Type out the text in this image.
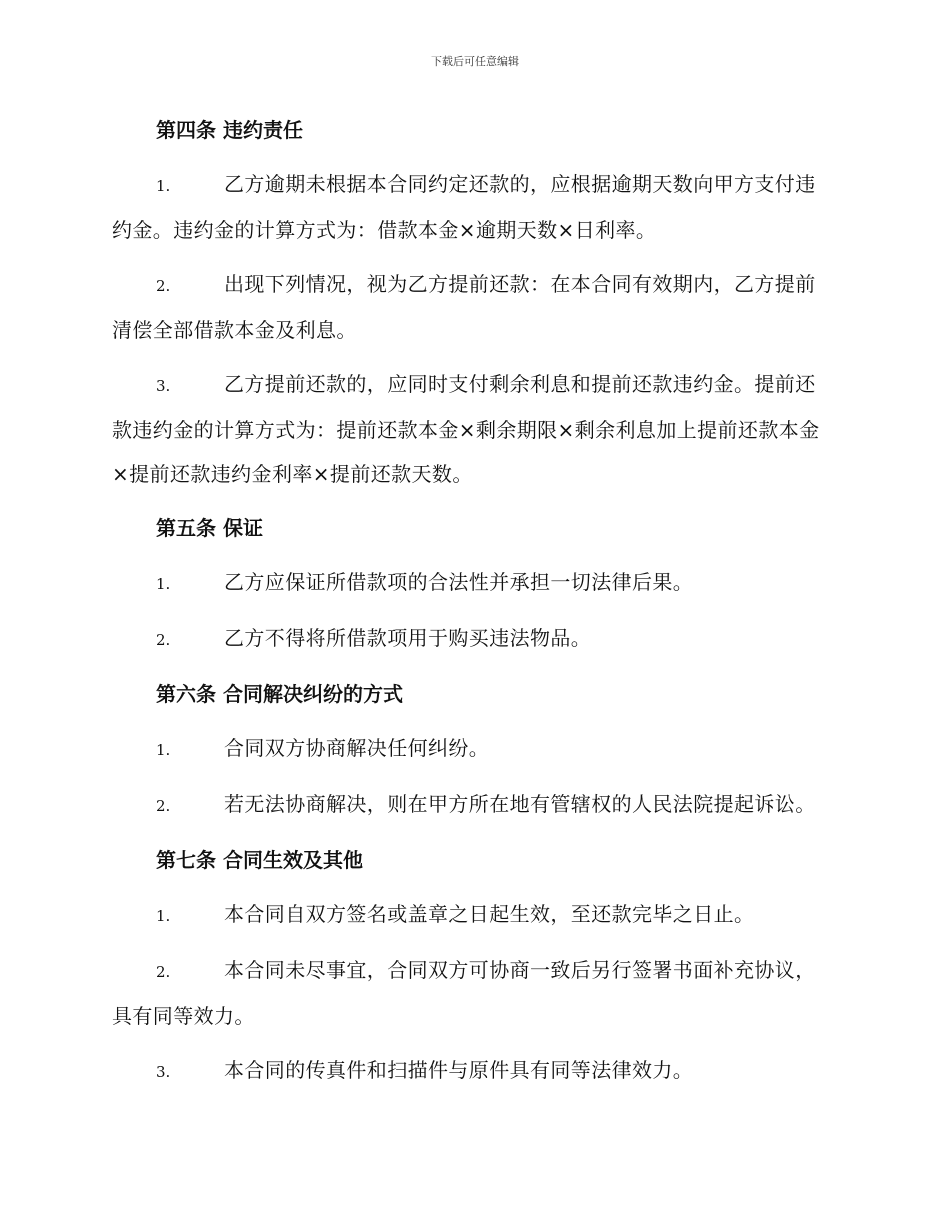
下载后可任意编辑
第四条 违约责任

1.	乙方逾期未根据本合同约定还款的，应根据逾期天数向甲方支付违约金。违约金的计算方式为：借款本金×逾期天数×日利率。

2.	出现下列情况，视为乙方提前还款：在本合同有效期内，乙方提前清偿全部借款本金及利息。

3.	乙方提前还款的，应同时支付剩余利息和提前还款违约金。提前还款违约金的计算方式为：提前还款本金×剩余期限×剩余利息加上提前还款本金×提前还款违约金利率×提前还款天数。

第五条 保证

1.	乙方应保证所借款项的合法性并承担一切法律后果。

2.	乙方不得将所借款项用于购买违法物品。

第六条 合同解决纠纷的方式

1.	合同双方协商解决任何纠纷。

2.	若无法协商解决，则在甲方所在地有管辖权的人民法院提起诉讼。

第七条 合同生效及其他

1.	本合同自双方签名或盖章之日起生效，至还款完毕之日止。

2.	本合同未尽事宜，合同双方可协商一致后另行签署书面补充协议，具有同等效力。

3.	本合同的传真件和扫描件与原件具有同等法律效力。
